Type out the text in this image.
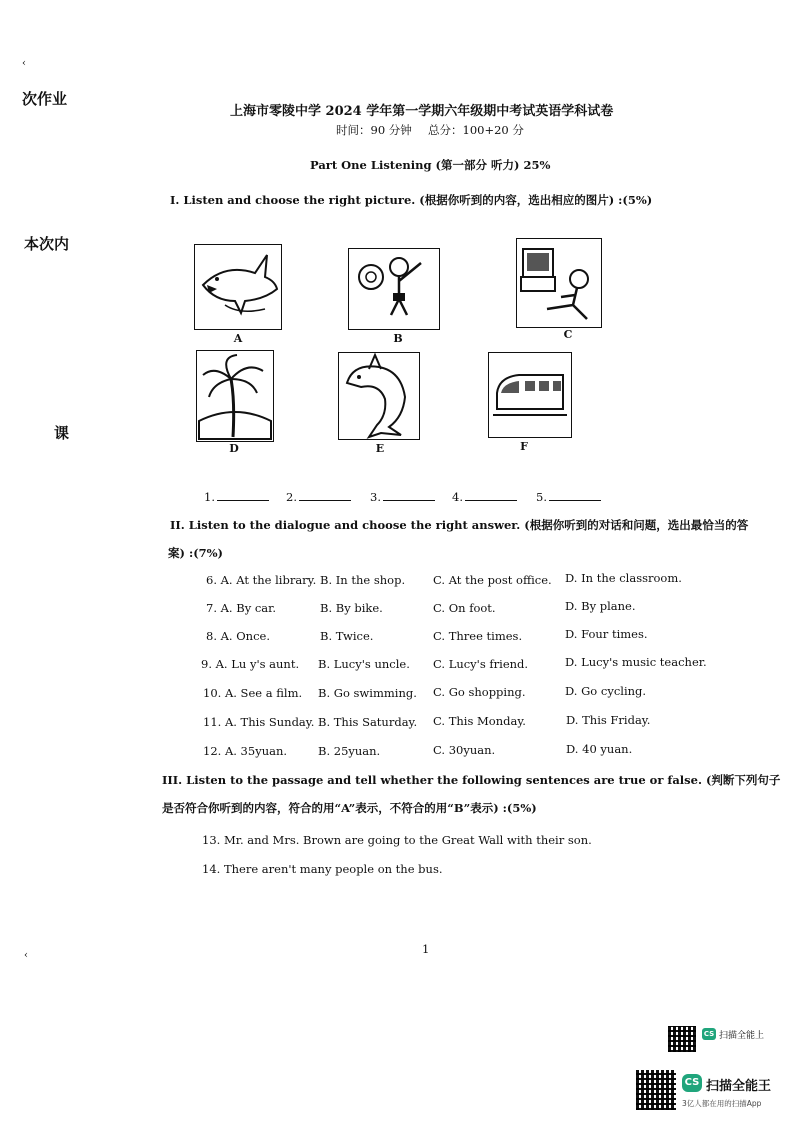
次作业
本次内
课
‹
‹
上海市零陵中学 2024 学年第一学期六年级期中考试英语学科试卷
时间：90 分钟 总分：100+20 分
Part One Listening (第一部分 听力) 25%
I. Listen and choose the right picture. (根据你听到的内容，选出相应的图片) :(5%)
A	B	C
D	E	F
1.	2.	3.	4.	5.
II. Listen to the dialogue and choose the right answer. (根据你听到的对话和问题，选出最恰当的答
案) :(7%)
6. A. At the library. B. In the shop. C. At the post office. D. In the classroom.
7. A. By car.	B. By bike.	C. On foot.	D. By plane.
8. A. Once.	B. Twice.	C. Three times.	D. Four times.
9. A. Lu y's aunt. B. Lucy's uncle. C. Lucy's friend.	D. Lucy's music teacher.
10. A. See a film. B. Go swimming. C. Go shopping.	D. Go cycling.
11. A. This Sunday. B. This Saturday. C. This Monday.	D. This Friday.
12. A. 35yuan.	B. 25yuan.	C. 30yuan.	D. 40 yuan.
III. Listen to the passage and tell whether the following sentences are true or false. (判断下列句子
是否符合你听到的内容，符合的用“A”表示，不符合的用“B”表示) :(5%)
13. Mr. and Mrs. Brown are going to the Great Wall with their son.
14. There aren't many people on the bus.
1
CS 扫描全能上
CS 扫描全能王
3亿人都在用的扫描App
